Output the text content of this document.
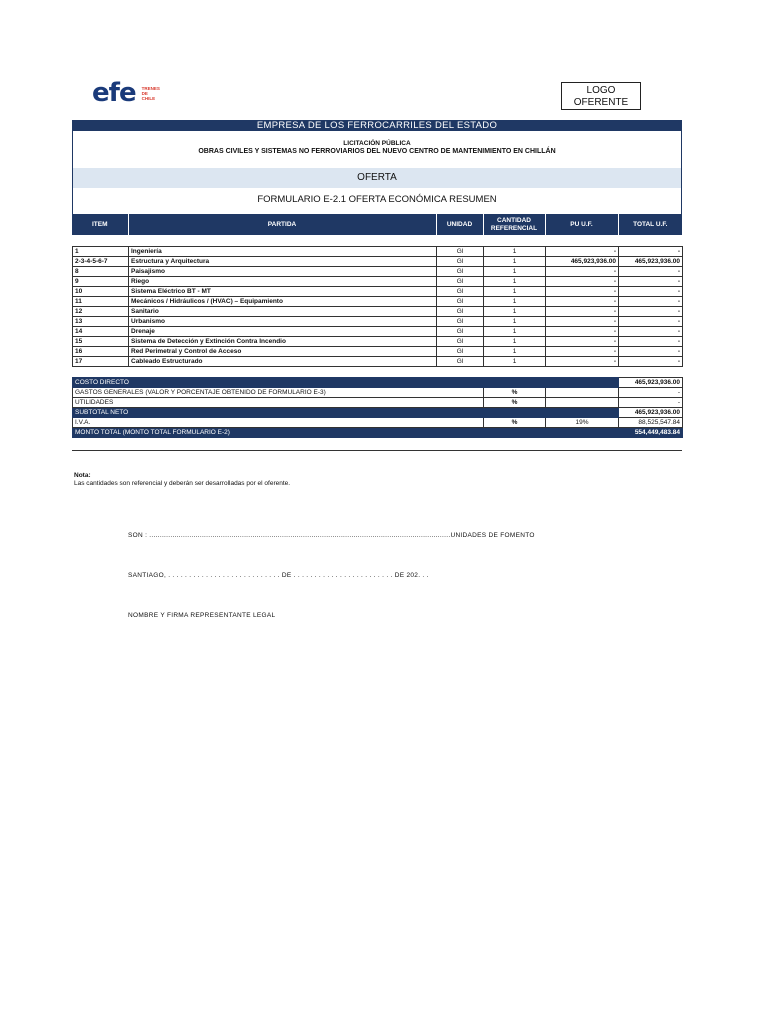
efe TRENES
DE
CHILE
LOGO
OFERENTE
EMPRESA DE LOS FERROCARRILES DEL ESTADO
LICITACIÓN PÚBLICA
OBRAS CIVILES Y SISTEMAS NO FERROVIARIOS DEL NUEVO CENTRO DE MANTENIMIENTO EN CHILLÁN
OFERTA
FORMULARIO E-2.1 OFERTA ECONÓMICA RESUMEN
ITEM	PARTIDA	UNIDAD	CANTIDAD REFERENCIAL	PU U.F.	TOTAL U.F.
1	Ingeniería	Gl	1	-	-
2-3-4-5-6-7	Estructura y Arquitectura	Gl	1	465,923,936.00	465,923,936.00
8	Paisajismo	Gl	1	-	-
9	Riego	Gl	1	-	-
10	Sistema Eléctrico BT - MT	Gl	1	-	-
11	Mecánicos / Hidráulicos / (HVAC) – Equipamiento	Gl	1	-	-
12	Sanitario	Gl	1	-	-
13	Urbanismo	Gl	1	-	-
14	Drenaje	Gl	1	-	-
15	Sistema de Detección y Extinción Contra Incendio	Gl	1	-	-
16	Red Perimetral y Control de Acceso	Gl	1	-	-
17	Cableado Estructurado	Gl	1	-	-
COSTO DIRECTO			465,923,936.00
GASTOS GENERALES (VALOR Y PORCENTAJE OBTENIDO DE FORMULARIO E-3)	%		-
UTILIDADES	%		-
SUBTOTAL NETO			465,923,936.00
I.V.A.	%	19%	88,525,547.84
MONTO TOTAL (MONTO TOTAL FORMULARIO E-2)			554,449,483.84
Nota:
Las cantidades son referencial y deberán ser desarrolladas por el oferente.
SON : ...............................................................................................................................................UNIDADES DE FOMENTO
SANTIAGO, . . . . . . . . . . . . . . . . . . . . . . . . . . . DE . . . . . . . . . . . . . . . . . . . . . . . . DE 202. . .
NOMBRE Y FIRMA REPRESENTANTE LEGAL
